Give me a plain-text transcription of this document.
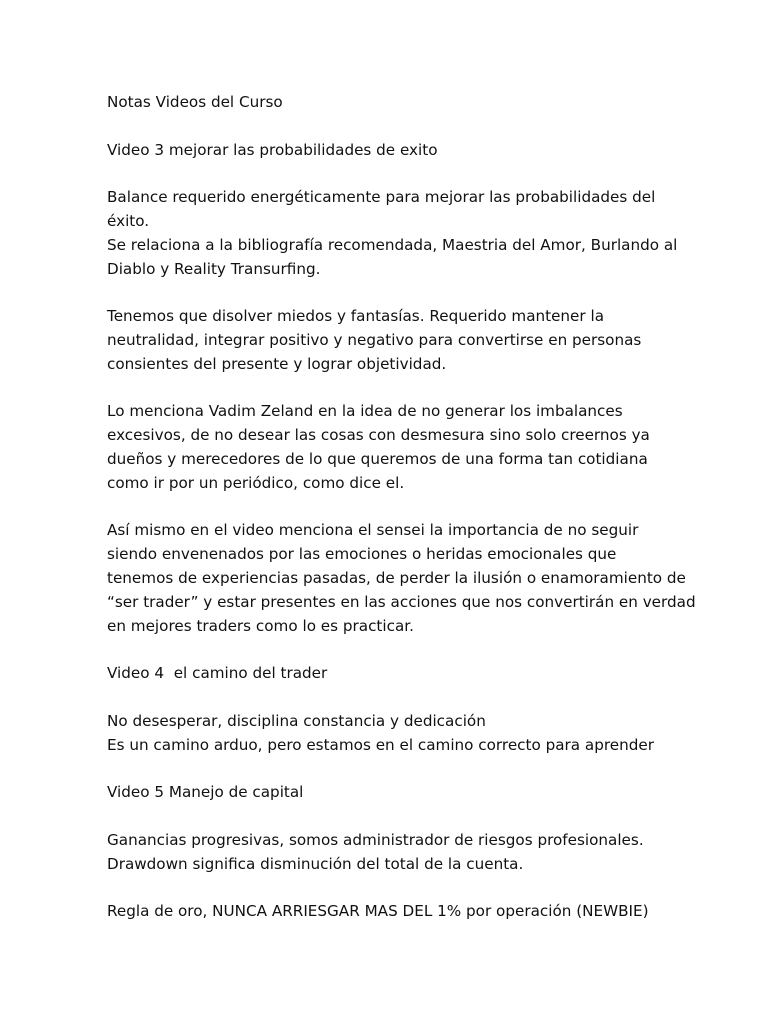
Notas Videos del Curso
Video 3 mejorar las probabilidades de exito
Balance requerido energéticamente para mejorar las probabilidades del
éxito.
Se relaciona a la bibliografía recomendada, Maestria del Amor, Burlando al
Diablo y Reality Transurfing.
Tenemos que disolver miedos y fantasías. Requerido mantener la
neutralidad, integrar positivo y negativo para convertirse en personas
consientes del presente y lograr objetividad.
Lo menciona Vadim Zeland en la idea de no generar los imbalances
excesivos, de no desear las cosas con desmesura sino solo creernos ya
dueños y merecedores de lo que queremos de una forma tan cotidiana
como ir por un periódico, como dice el.
Así mismo en el video menciona el sensei la importancia de no seguir
siendo envenenados por las emociones o heridas emocionales que
tenemos de experiencias pasadas, de perder la ilusión o enamoramiento de
“ser trader” y estar presentes en las acciones que nos convertirán en verdad
en mejores traders como lo es practicar.
Video 4  el camino del trader
No desesperar, disciplina constancia y dedicación
Es un camino arduo, pero estamos en el camino correcto para aprender
Video 5 Manejo de capital
Ganancias progresivas, somos administrador de riesgos profesionales.
Drawdown significa disminución del total de la cuenta.
Regla de oro, NUNCA ARRIESGAR MAS DEL 1% por operación (NEWBIE)
